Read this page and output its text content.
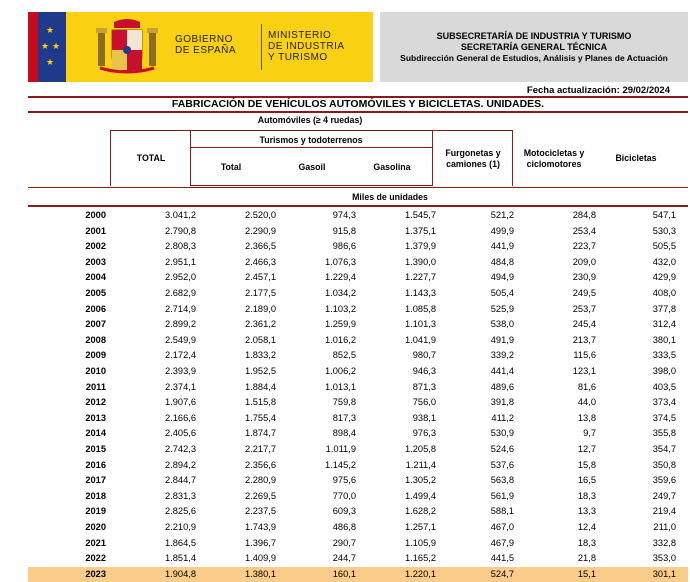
★
★ ★
★
GOBIERNO
DE ESPAÑA
MINISTERIO
DE INDUSTRIA
Y TURISMO
SUBSECRETARÍA DE INDUSTRIA Y TURISMO
SECRETARÍA GENERAL TÉCNICA
Subdirección General de Estudios, Análisis y Planes de Actuación
Fecha actualización: 29/02/2024
FABRICACIÓN DE VEHÍCULOS AUTOMÓVILES Y BICICLETAS. UNIDADES.
Automóviles (≥ 4 ruedas)
Turismos y todoterrenos
TOTAL
Total	Gasoil	Gasolina
Furgonetas y camiones (1)
Motocicletas y ciclomotores
Bicicletas
Miles de unidades
2000	3.041,2	2.520,0	974,3	1.545,7	521,2	284,8	547,1
2001	2.790,8	2.290,9	915,8	1.375,1	499,9	253,4	530,3
2002	2.808,3	2.366,5	986,6	1.379,9	441,9	223,7	505,5
2003	2.951,1	2.466,3	1.076,3	1.390,0	484,8	209,0	432,0
2004	2.952,0	2.457,1	1.229,4	1.227,7	494,9	230,9	429,9
2005	2.682,9	2.177,5	1.034,2	1.143,3	505,4	249,5	408,0
2006	2.714,9	2.189,0	1.103,2	1.085,8	525,9	253,7	377,8
2007	2.899,2	2.361,2	1.259,9	1.101,3	538,0	245,4	312,4
2008	2.549,9	2.058,1	1.016,2	1.041,9	491,9	213,7	380,1
2009	2.172,4	1.833,2	852,5	980,7	339,2	115,6	333,5
2010	2.393,9	1.952,5	1.006,2	946,3	441,4	123,1	398,0
2011	2.374,1	1.884,4	1.013,1	871,3	489,6	81,6	403,5
2012	1.907,6	1.515,8	759,8	756,0	391,8	44,0	373,4
2013	2.166,6	1.755,4	817,3	938,1	411,2	13,8	374,5
2014	2.405,6	1.874,7	898,4	976,3	530,9	9,7	355,8
2015	2.742,3	2.217,7	1.011,9	1.205,8	524,6	12,7	354,7
2016	2.894,2	2.356,6	1.145,2	1.211,4	537,6	15,8	350,8
2017	2.844,7	2.280,9	975,6	1.305,2	563,8	16,5	359,6
2018	2.831,3	2.269,5	770,0	1.499,4	561,9	18,3	249,7
2019	2.825,6	2.237,5	609,3	1.628,2	588,1	13,3	219,4
2020	2.210,9	1.743,9	486,8	1.257,1	467,0	12,4	211,0
2021	1.864,5	1.396,7	290,7	1.105,9	467,9	18,3	332,8
2022	1.851,4	1.409,9	244,7	1.165,2	441,5	21,8	353,0
2023	1.904,8	1.380,1	160,1	1.220,1	524,7	15,1	301,1
